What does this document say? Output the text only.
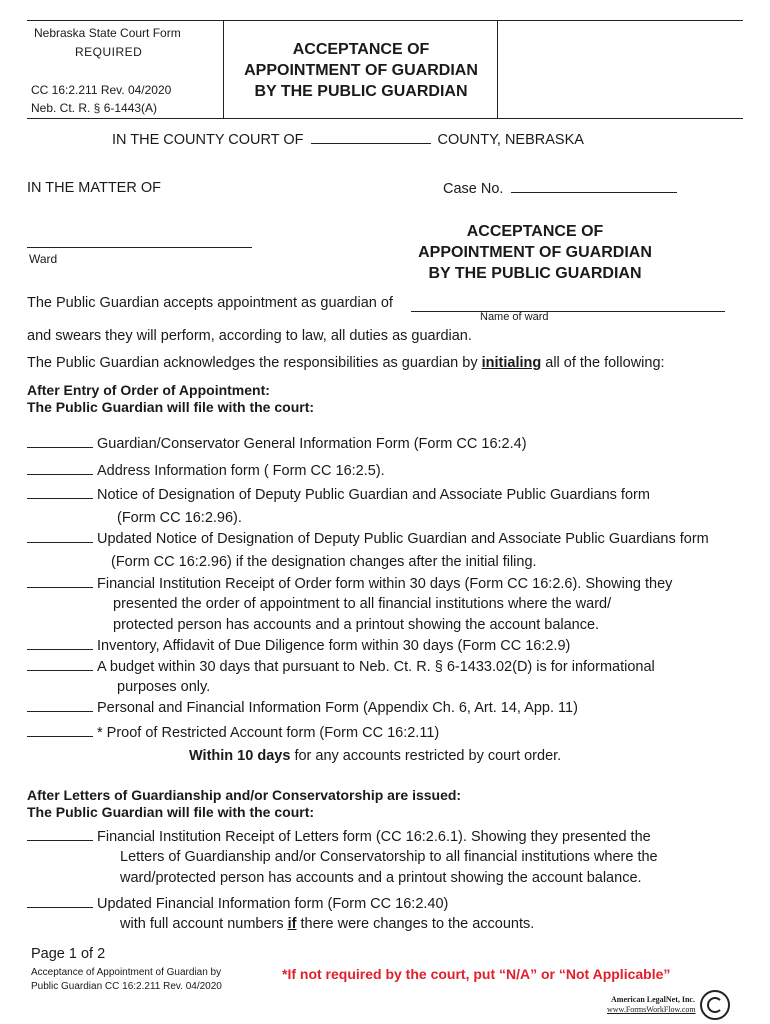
Nebraska State Court Form
REQUIRED
CC 16:2.211 Rev. 04/2020
Neb. Ct. R. § 6-1443(A)
ACCEPTANCE OF
APPOINTMENT OF GUARDIAN
BY THE PUBLIC GUARDIAN
IN THE COUNTY COURT OF	COUNTY, NEBRASKA
IN THE MATTER OF	Case No.
Ward
ACCEPTANCE OF
APPOINTMENT OF GUARDIAN
BY THE PUBLIC GUARDIAN
The Public Guardian accepts appointment as guardian of
Name of ward
and swears they will perform, according to law, all duties as guardian.
The Public Guardian acknowledges the responsibilities as guardian by initialing all of the following:
After Entry of Order of Appointment:
The Public Guardian will file with the court:
Guardian/Conservator General Information Form (Form CC 16:2.4)
Address Information form ( Form CC 16:2.5).
Notice of Designation of Deputy Public Guardian and Associate Public Guardians form
(Form CC 16:2.96).
Updated Notice of Designation of Deputy Public Guardian and Associate Public Guardians form
(Form CC 16:2.96) if the designation changes after the initial filing.
Financial Institution Receipt of Order form within 30 days (Form CC 16:2.6). Showing they
presented the order of appointment to all financial institutions where the ward/
protected person has accounts and a printout showing the account balance.
Inventory, Affidavit of Due Diligence form within 30 days (Form CC 16:2.9)
A budget within 30 days that pursuant to Neb. Ct. R. § 6-1433.02(D) is for informational
purposes only.
Personal and Financial Information Form (Appendix Ch. 6, Art. 14, App. 11)
* Proof of Restricted Account form (Form CC 16:2.11)
Within 10 days for any accounts restricted by court order.
After Letters of Guardianship and/or Conservatorship are issued:
The Public Guardian will file with the court:
Financial Institution Receipt of Letters form (CC 16:2.6.1). Showing they presented the
Letters of Guardianship and/or Conservatorship to all financial institutions where the
ward/protected person has accounts and a printout showing the account balance.
Updated Financial Information form (Form CC 16:2.40)
with full account numbers if there were changes to the accounts.
Page 1 of 2
Acceptance of Appointment of Guardian by
Public Guardian CC 16:2.211 Rev. 04/2020
*If not required by the court, put “N/A” or “Not Applicable”
American LegalNet, Inc.
www.FormsWorkFlow.com
